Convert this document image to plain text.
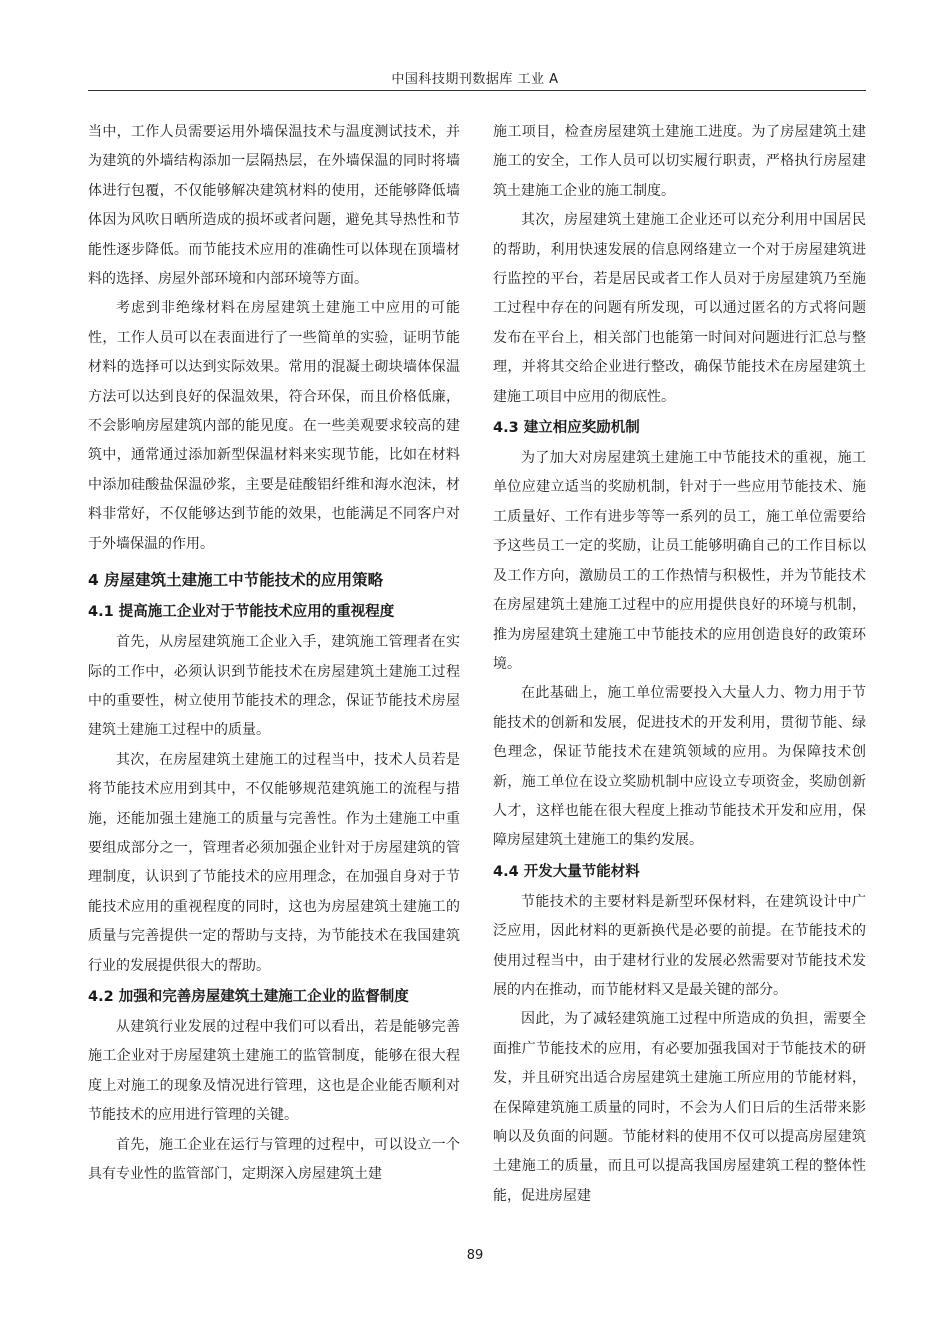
中国科技期刊数据库 工业 A

当中，工作人员需要运用外墙保温技术与温度测试技术，并为建筑的外墙结构添加一层隔热层，在外墙保温的同时将墙体进行包覆，不仅能够解决建筑材料的使用，还能够降低墙体因为风吹日晒所造成的损坏或者问题，避免其导热性和节能性逐步降低。而节能技术应用的准确性可以体现在顶墙材料的选择、房屋外部环境和内部环境等方面。

考虑到非绝缘材料在房屋建筑土建施工中应用的可能性，工作人员可以在表面进行了一些简单的实验，证明节能材料的选择可以达到实际效果。常用的混凝土砌块墙体保温方法可以达到良好的保温效果，符合环保，而且价格低廉，不会影响房屋建筑内部的能见度。在一些美观要求较高的建筑中，通常通过添加新型保温材料来实现节能，比如在材料中添加硅酸盐保温砂浆，主要是硅酸铝纤维和海水泡沫，材料非常好，不仅能够达到节能的效果，也能满足不同客户对于外墙保温的作用。

4 房屋建筑土建施工中节能技术的应用策略
4.1 提高施工企业对于节能技术应用的重视程度

首先，从房屋建筑施工企业入手，建筑施工管理者在实际的工作中，必须认识到节能技术在房屋建筑土建施工过程中的重要性，树立使用节能技术的理念，保证节能技术房屋建筑土建施工过程中的质量。

其次，在房屋建筑土建施工的过程当中，技术人员若是将节能技术应用到其中，不仅能够规范建筑施工的流程与措施，还能加强土建施工的质量与完善性。作为土建施工中重要组成部分之一，管理者必须加强企业针对于房屋建筑的管理制度，认识到了节能技术的应用理念，在加强自身对于节能技术应用的重视程度的同时，这也为房屋建筑土建施工的质量与完善提供一定的帮助与支持，为节能技术在我国建筑行业的发展提供很大的帮助。

4.2 加强和完善房屋建筑土建施工企业的监督制度

从建筑行业发展的过程中我们可以看出，若是能够完善施工企业对于房屋建筑土建施工的监管制度，能够在很大程度上对施工的现象及情况进行管理，这也是企业能否顺利对节能技术的应用进行管理的关键。

首先，施工企业在运行与管理的过程中，可以设立一个具有专业性的监管部门，定期深入房屋建筑土建

施工项目，检查房屋建筑土建施工进度。为了房屋建筑土建施工的安全，工作人员可以切实履行职责，严格执行房屋建筑土建施工企业的施工制度。

其次，房屋建筑土建施工企业还可以充分利用中国居民的帮助，利用快速发展的信息网络建立一个对于房屋建筑进行监控的平台，若是居民或者工作人员对于房屋建筑乃至施工过程中存在的问题有所发现，可以通过匿名的方式将问题发布在平台上，相关部门也能第一时间对问题进行汇总与整理，并将其交给企业进行整改，确保节能技术在房屋建筑土建施工项目中应用的彻底性。

4.3 建立相应奖励机制

为了加大对房屋建筑土建施工中节能技术的重视，施工单位应建立适当的奖励机制，针对于一些应用节能技术、施工质量好、工作有进步等等一系列的员工，施工单位需要给予这些员工一定的奖励，让员工能够明确自己的工作目标以及工作方向，激励员工的工作热情与积极性，并为节能技术在房屋建筑土建施工过程中的应用提供良好的环境与机制，推为房屋建筑土建施工中节能技术的应用创造良好的政策环境。

在此基础上，施工单位需要投入大量人力、物力用于节能技术的创新和发展，促进技术的开发利用，贯彻节能、绿色理念，保证节能技术在建筑领域的应用。为保障技术创新，施工单位在设立奖励机制中应设立专项资金，奖励创新人才，这样也能在很大程度上推动节能技术开发和应用，保障房屋建筑土建施工的集约发展。

4.4 开发大量节能材料

节能技术的主要材料是新型环保材料，在建筑设计中广泛应用，因此材料的更新换代是必要的前提。在节能技术的使用过程当中，由于建材行业的发展必然需要对节能技术发展的内在推动，而节能材料又是最关键的部分。

因此，为了减轻建筑施工过程中所造成的负担，需要全面推广节能技术的应用，有必要加强我国对于节能技术的研发，并且研究出适合房屋建筑土建施工所应用的节能材料，在保障建筑施工质量的同时，不会为人们日后的生活带来影响以及负面的问题。节能材料的使用不仅可以提高房屋建筑土建施工的质量，而且可以提高我国房屋建筑工程的整体性能，促进房屋建

89
